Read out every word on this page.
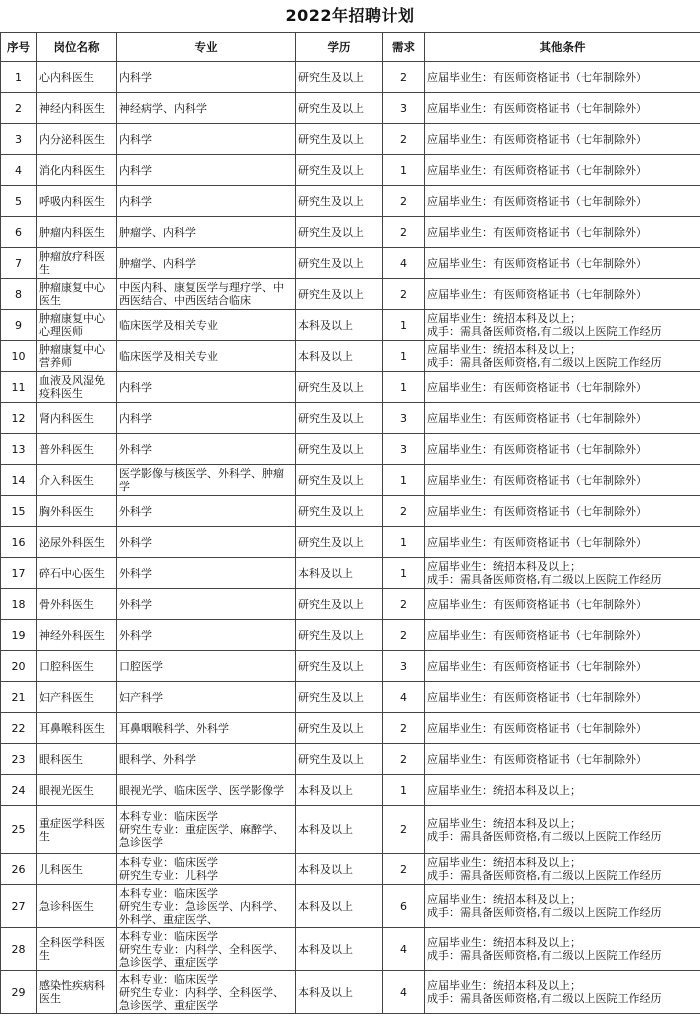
2022年招聘计划
序号	岗位名称	专业	学历	需求	其他条件
1	心内科医生	内科学	研究生及以上	2	应届毕业生：有医师资格证书（七年制除外）
2	神经内科医生	神经病学、内科学	研究生及以上	3	应届毕业生：有医师资格证书（七年制除外）
3	内分泌科医生	内科学	研究生及以上	2	应届毕业生：有医师资格证书（七年制除外）
4	消化内科医生	内科学	研究生及以上	1	应届毕业生：有医师资格证书（七年制除外）
5	呼吸内科医生	内科学	研究生及以上	2	应届毕业生：有医师资格证书（七年制除外）
6	肿瘤内科医生	肿瘤学、内科学	研究生及以上	2	应届毕业生：有医师资格证书（七年制除外）
7	肿瘤放疗科医生	肿瘤学、内科学	研究生及以上	4	应届毕业生：有医师资格证书（七年制除外）
8	肿瘤康复中心医生	中医内科、康复医学与理疗学、中西医结合、中西医结合临床	研究生及以上	2	应届毕业生：有医师资格证书（七年制除外）
9	肿瘤康复中心心理医师	临床医学及相关专业	本科及以上	1	应届毕业生：统招本科及以上；
成手：需具备医师资格,有二级以上医院工作经历
10	肿瘤康复中心营养师	临床医学及相关专业	本科及以上	1	应届毕业生：统招本科及以上；
成手：需具备医师资格,有二级以上医院工作经历
11	血液及风湿免疫科医生	内科学	研究生及以上	1	应届毕业生：有医师资格证书（七年制除外）
12	肾内科医生	内科学	研究生及以上	3	应届毕业生：有医师资格证书（七年制除外）
13	普外科医生	外科学	研究生及以上	3	应届毕业生：有医师资格证书（七年制除外）
14	介入科医生	医学影像与核医学、外科学、肿瘤学	研究生及以上	1	应届毕业生：有医师资格证书（七年制除外）
15	胸外科医生	外科学	研究生及以上	2	应届毕业生：有医师资格证书（七年制除外）
16	泌尿外科医生	外科学	研究生及以上	1	应届毕业生：有医师资格证书（七年制除外）
17	碎石中心医生	外科学	本科及以上	1	应届毕业生：统招本科及以上；
成手：需具备医师资格,有二级以上医院工作经历
18	骨外科医生	外科学	研究生及以上	2	应届毕业生：有医师资格证书（七年制除外）
19	神经外科医生	外科学	研究生及以上	2	应届毕业生：有医师资格证书（七年制除外）
20	口腔科医生	口腔医学	研究生及以上	3	应届毕业生：有医师资格证书（七年制除外）
21	妇产科医生	妇产科学	研究生及以上	4	应届毕业生：有医师资格证书（七年制除外）
22	耳鼻喉科医生	耳鼻咽喉科学、外科学	研究生及以上	2	应届毕业生：有医师资格证书（七年制除外）
23	眼科医生	眼科学、外科学	研究生及以上	2	应届毕业生：有医师资格证书（七年制除外）
24	眼视光医生	眼视光学、临床医学、医学影像学	本科及以上	1	应届毕业生：统招本科及以上；
25	重症医学科医生	本科专业：临床医学
研究生专业：重症医学、麻醉学、急诊医学	本科及以上	2	应届毕业生：统招本科及以上；
成手：需具备医师资格,有二级以上医院工作经历
26	儿科医生	本科专业：临床医学
研究生专业：儿科学	本科及以上	2	应届毕业生：统招本科及以上；
成手：需具备医师资格,有二级以上医院工作经历
27	急诊科医生	本科专业：临床医学
研究生专业：急诊医学、内科学、外科学、重症医学、	本科及以上	6	应届毕业生：统招本科及以上；
成手：需具备医师资格,有二级以上医院工作经历
28	全科医学科医生	本科专业：临床医学
研究生专业：内科学、全科医学、急诊医学、重症医学	本科及以上	4	应届毕业生：统招本科及以上；
成手：需具备医师资格,有二级以上医院工作经历
29	感染性疾病科医生	本科专业：临床医学
研究生专业：内科学、全科医学、急诊医学、重症医学	本科及以上	4	应届毕业生：统招本科及以上；
成手：需具备医师资格,有二级以上医院工作经历
